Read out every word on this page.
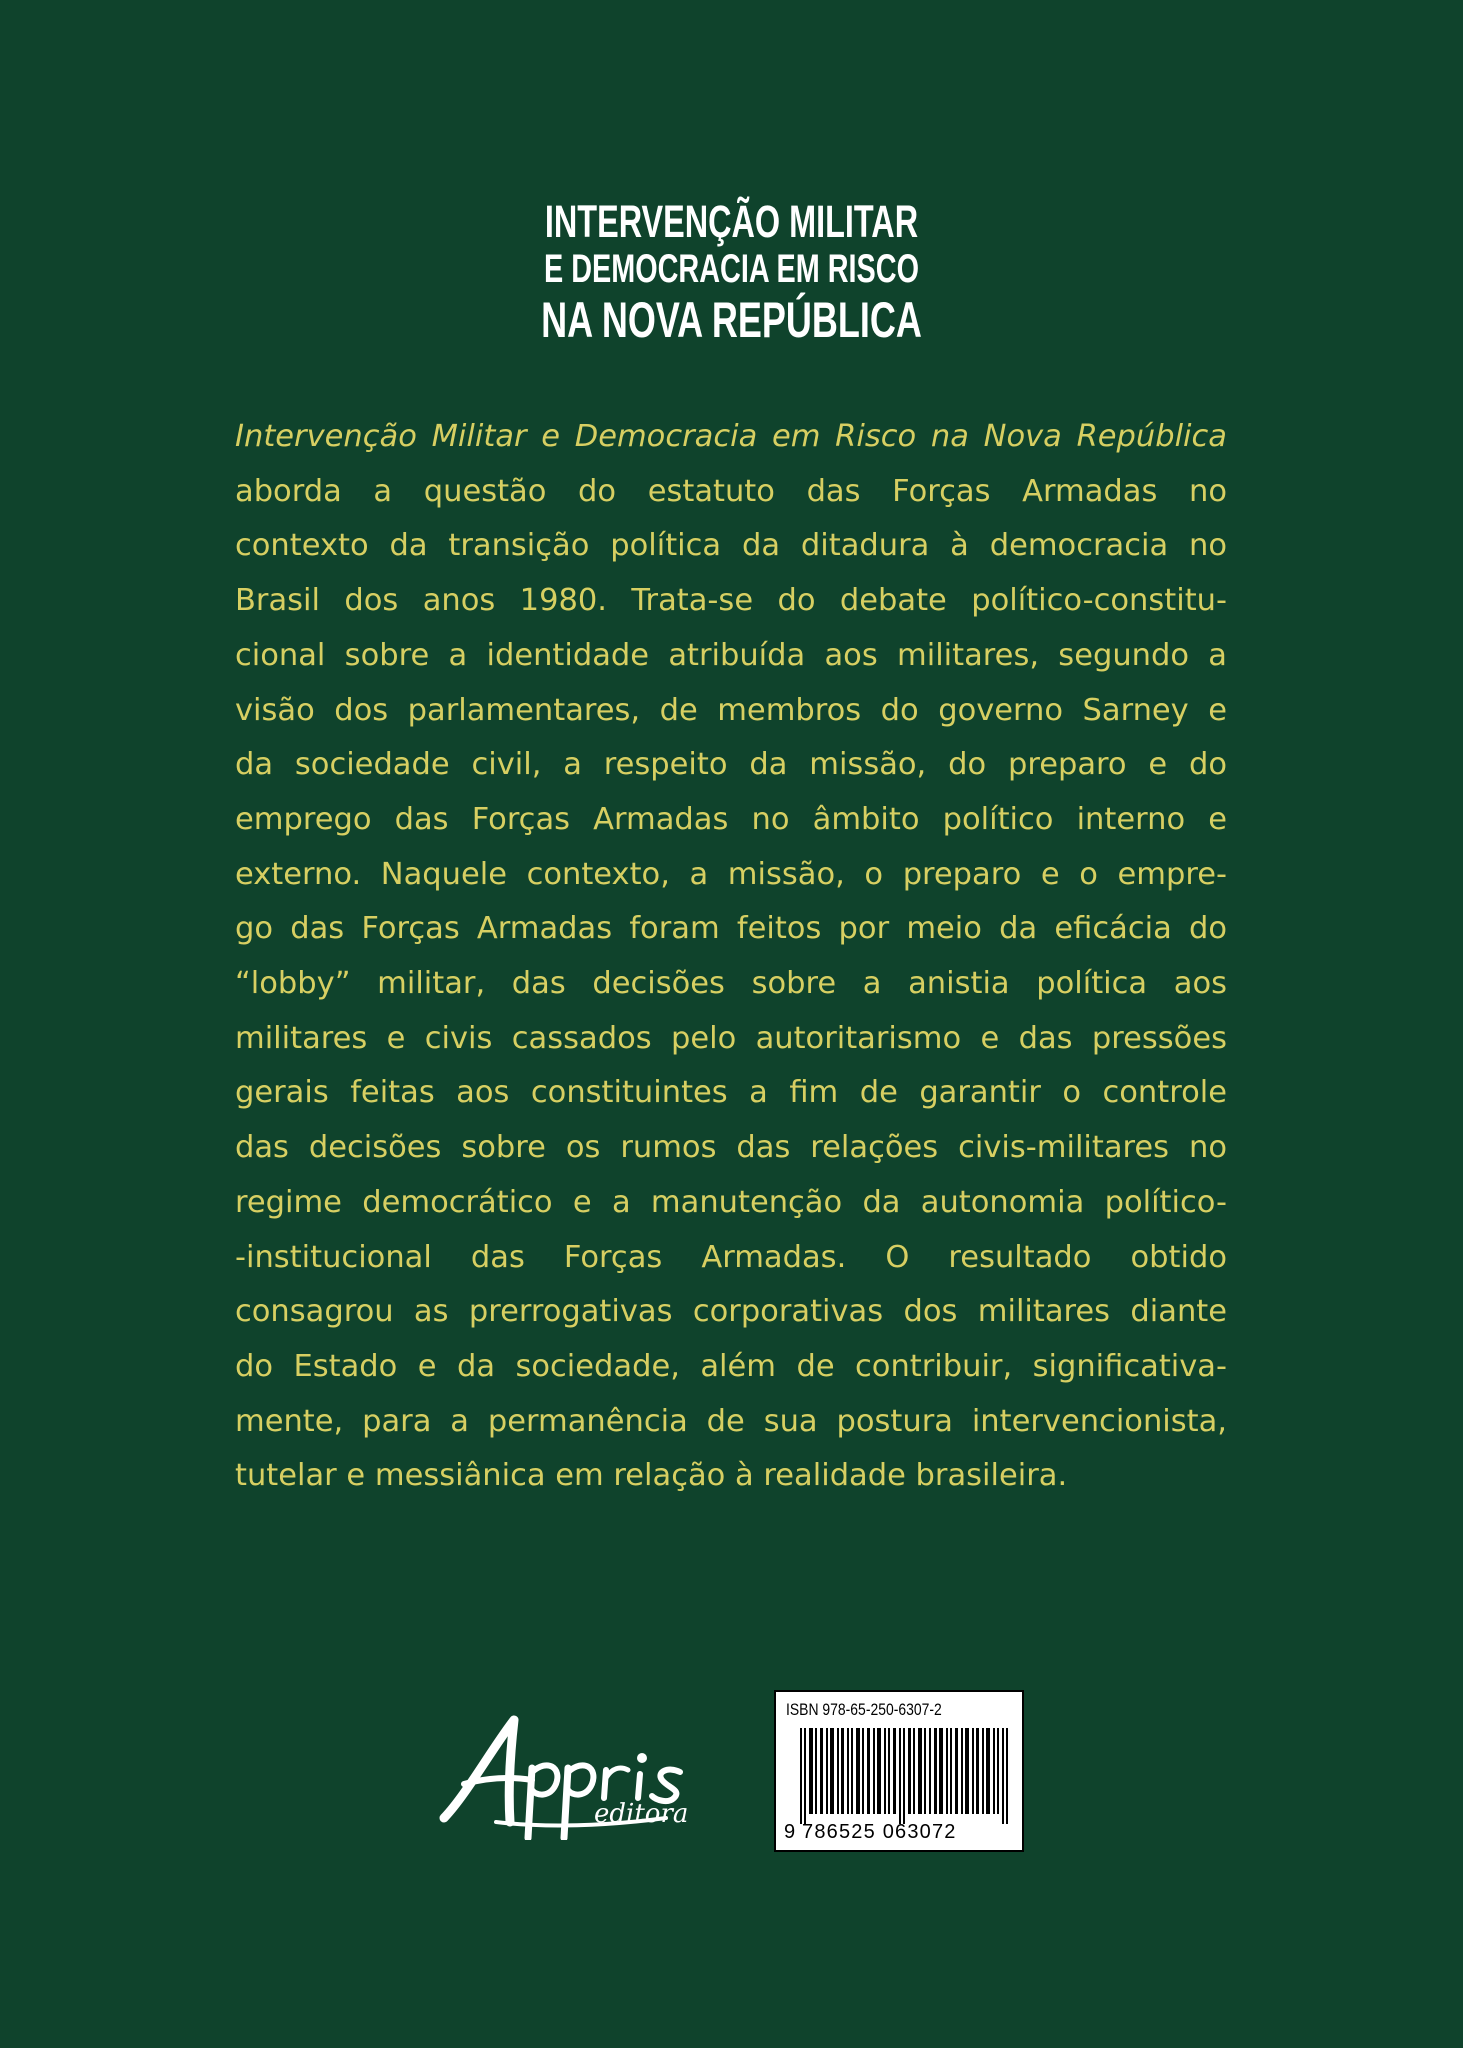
INTERVENÇÃO MILITAR
E DEMOCRACIA EM RISCO
NA NOVA REPÚBLICA
Intervenção Militar e Democracia em Risco na Nova República
aborda a questão do estatuto das Forças Armadas no
contexto da transição política da ditadura à democracia no
Brasil dos anos 1980. Trata-se do debate político-constitu-
cional sobre a identidade atribuída aos militares, segundo a
visão dos parlamentares, de membros do governo Sarney e
da sociedade civil, a respeito da missão, do preparo e do
emprego das Forças Armadas no âmbito político interno e
externo. Naquele contexto, a missão, o preparo e o empre-
go das Forças Armadas foram feitos por meio da eficácia do
“lobby” militar, das decisões sobre a anistia política aos
militares e civis cassados pelo autoritarismo e das pressões
gerais feitas aos constituintes a fim de garantir o controle
das decisões sobre os rumos das relações civis-militares no
regime democrático e a manutenção da autonomia político-
-institucional das Forças Armadas. O resultado obtido
consagrou as prerrogativas corporativas dos militares diante
do Estado e da sociedade, além de contribuir, significativa-
mente, para a permanência de sua postura intervencionista,
tutelar e messiânica em relação à realidade brasileira.
editora
ISBN 978-65-250-6307-2
9 786525 063072
